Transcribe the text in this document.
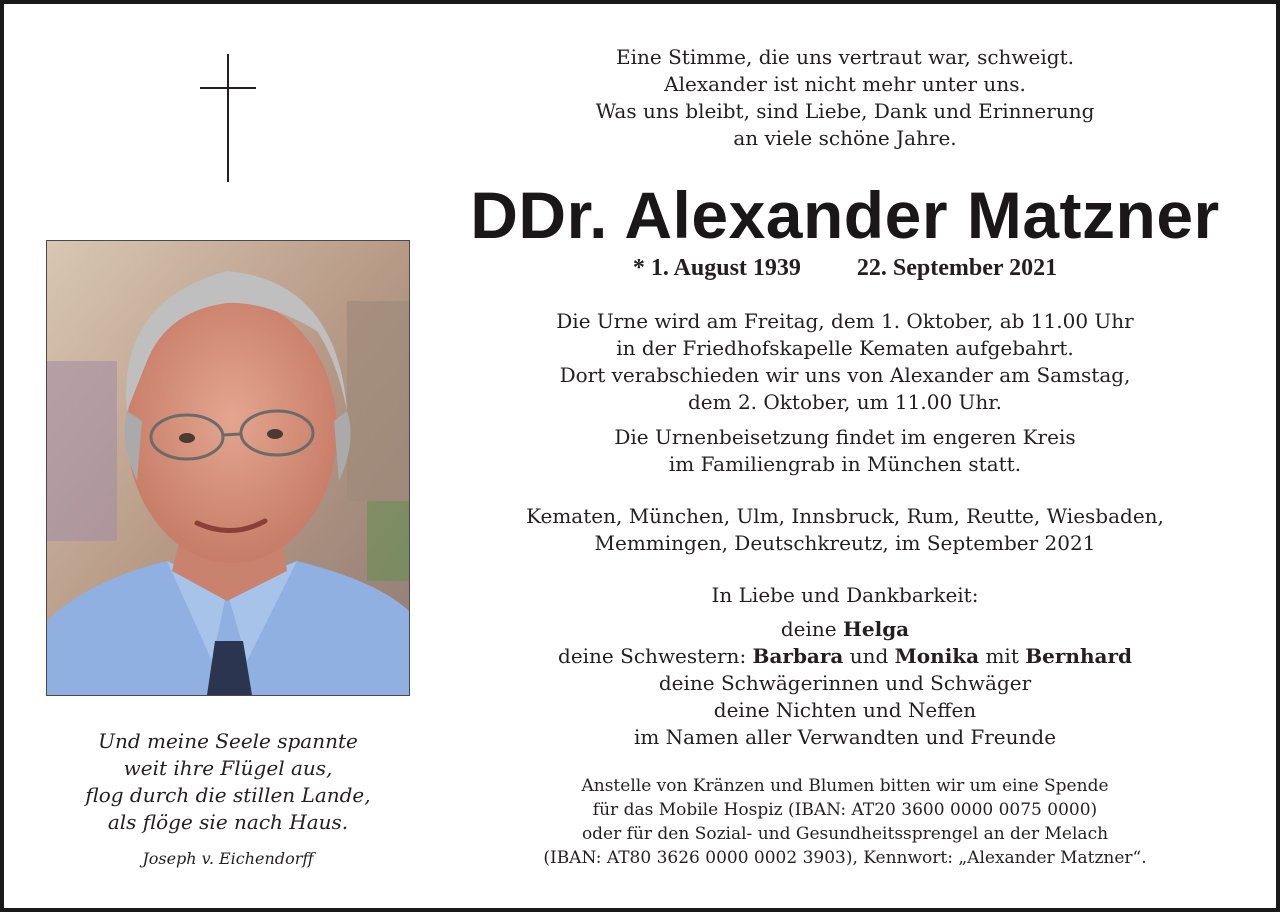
Und meine Seele spannte
weit ihre Flügel aus,
flog durch die stillen Lande,
als flöge sie nach Haus.
Joseph v. Eichendorff
Eine Stimme, die uns vertraut war, schweigt.
Alexander ist nicht mehr unter uns.
Was uns bleibt, sind Liebe, Dank und Erinnerung
an viele schöne Jahre.
DDr. Alexander Matzner
* 1. August 1939 22. September 2021
Die Urne wird am Freitag, dem 1. Oktober, ab 11.00 Uhr
in der Friedhofskapelle Kematen aufgebahrt.
Dort verabschieden wir uns von Alexander am Samstag,
dem 2. Oktober, um 11.00 Uhr.
Die Urnenbeisetzung findet im engeren Kreis
im Familiengrab in München statt.
Kematen, München, Ulm, Innsbruck, Rum, Reutte, Wiesbaden,
Memmingen, Deutschkreutz, im September 2021
In Liebe und Dankbarkeit:
deine Helga
deine Schwestern: Barbara und Monika mit Bernhard
deine Schwägerinnen und Schwäger
deine Nichten und Neffen
im Namen aller Verwandten und Freunde
Anstelle von Kränzen und Blumen bitten wir um eine Spende
für das Mobile Hospiz (IBAN: AT20 3600 0000 0075 0000)
oder für den Sozial- und Gesundheitssprengel an der Melach
(IBAN: AT80 3626 0000 0002 3903), Kennwort: „Alexander Matzner“.
